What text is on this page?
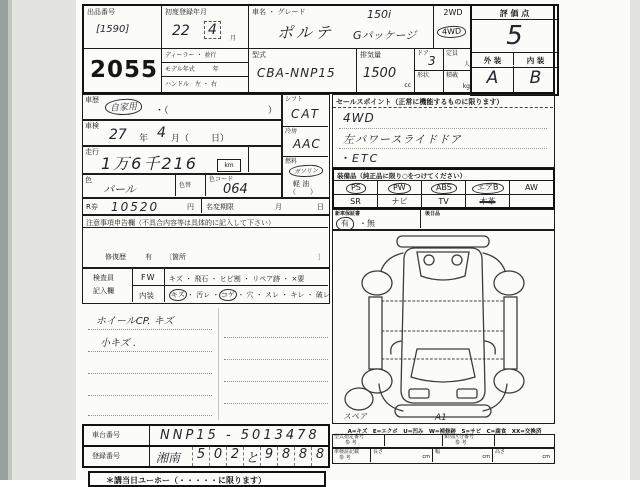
出品番号
[1590]
2055
初度登録年月
22 4
月
ディーラー ・ 並行
モデル年式　　　年
ハンドル　左 ・ 右
車名 ・ グレード
ポルテ
150i
Gパッケージ
2WD
4WD
型式
CBA-NNP15
排気量
1500
cc
ドア
3
定員
人
形状	積載
kg
評 価 点
5
外 装	内 装
A	B
車歴
自家用	・（	）
車検
27 年 4 月（ 日）
走行
1万6千216	km
色
パール	色替
色コード
064
シフト
CAT
冷房
AAC
燃料
ガソリン
軽 油
（　　）
R券 10520	円 名変期限	月	日
注意事項申告欄（不具合内容等は具体的に記入して下さい）
修復歴	有 〔箇所	〕
検査員
記入欄
FW キズ ・ 飛石 ・ ヒビ割 ・ リペア跡 ・ ×要
内装	キズ ・ 汚レ ・ コゲ ・ 穴 ・ スレ ・ キレ ・ 破レ
ホイールCP. キズ
小キズ .
車台番号	NNP15 - 5013478
登録番号	湘南	5 0 2 と 9 8 8 8
＊講当日ユーホー（・・・・・に限ります）
セールスポイント（正常に機能するものに限ります）
4WD
左パワースライドドア
・ETC
装備品（純正品に限り○をつけてください）
PS	PW	ABS	エアB	AW
SR	ナビ	TV	本革
新車保証書
有	・ 無
後日品
スペア	A1
A=キズ　E=エクボ　U=凹み　W=補修跡　S=サビ　C=腐食　XX=交換済
型式指定番号
参 考
類別区分番号
参 考
車検証記載
参 考
長さ
cm
幅
cm
高さ
cm
